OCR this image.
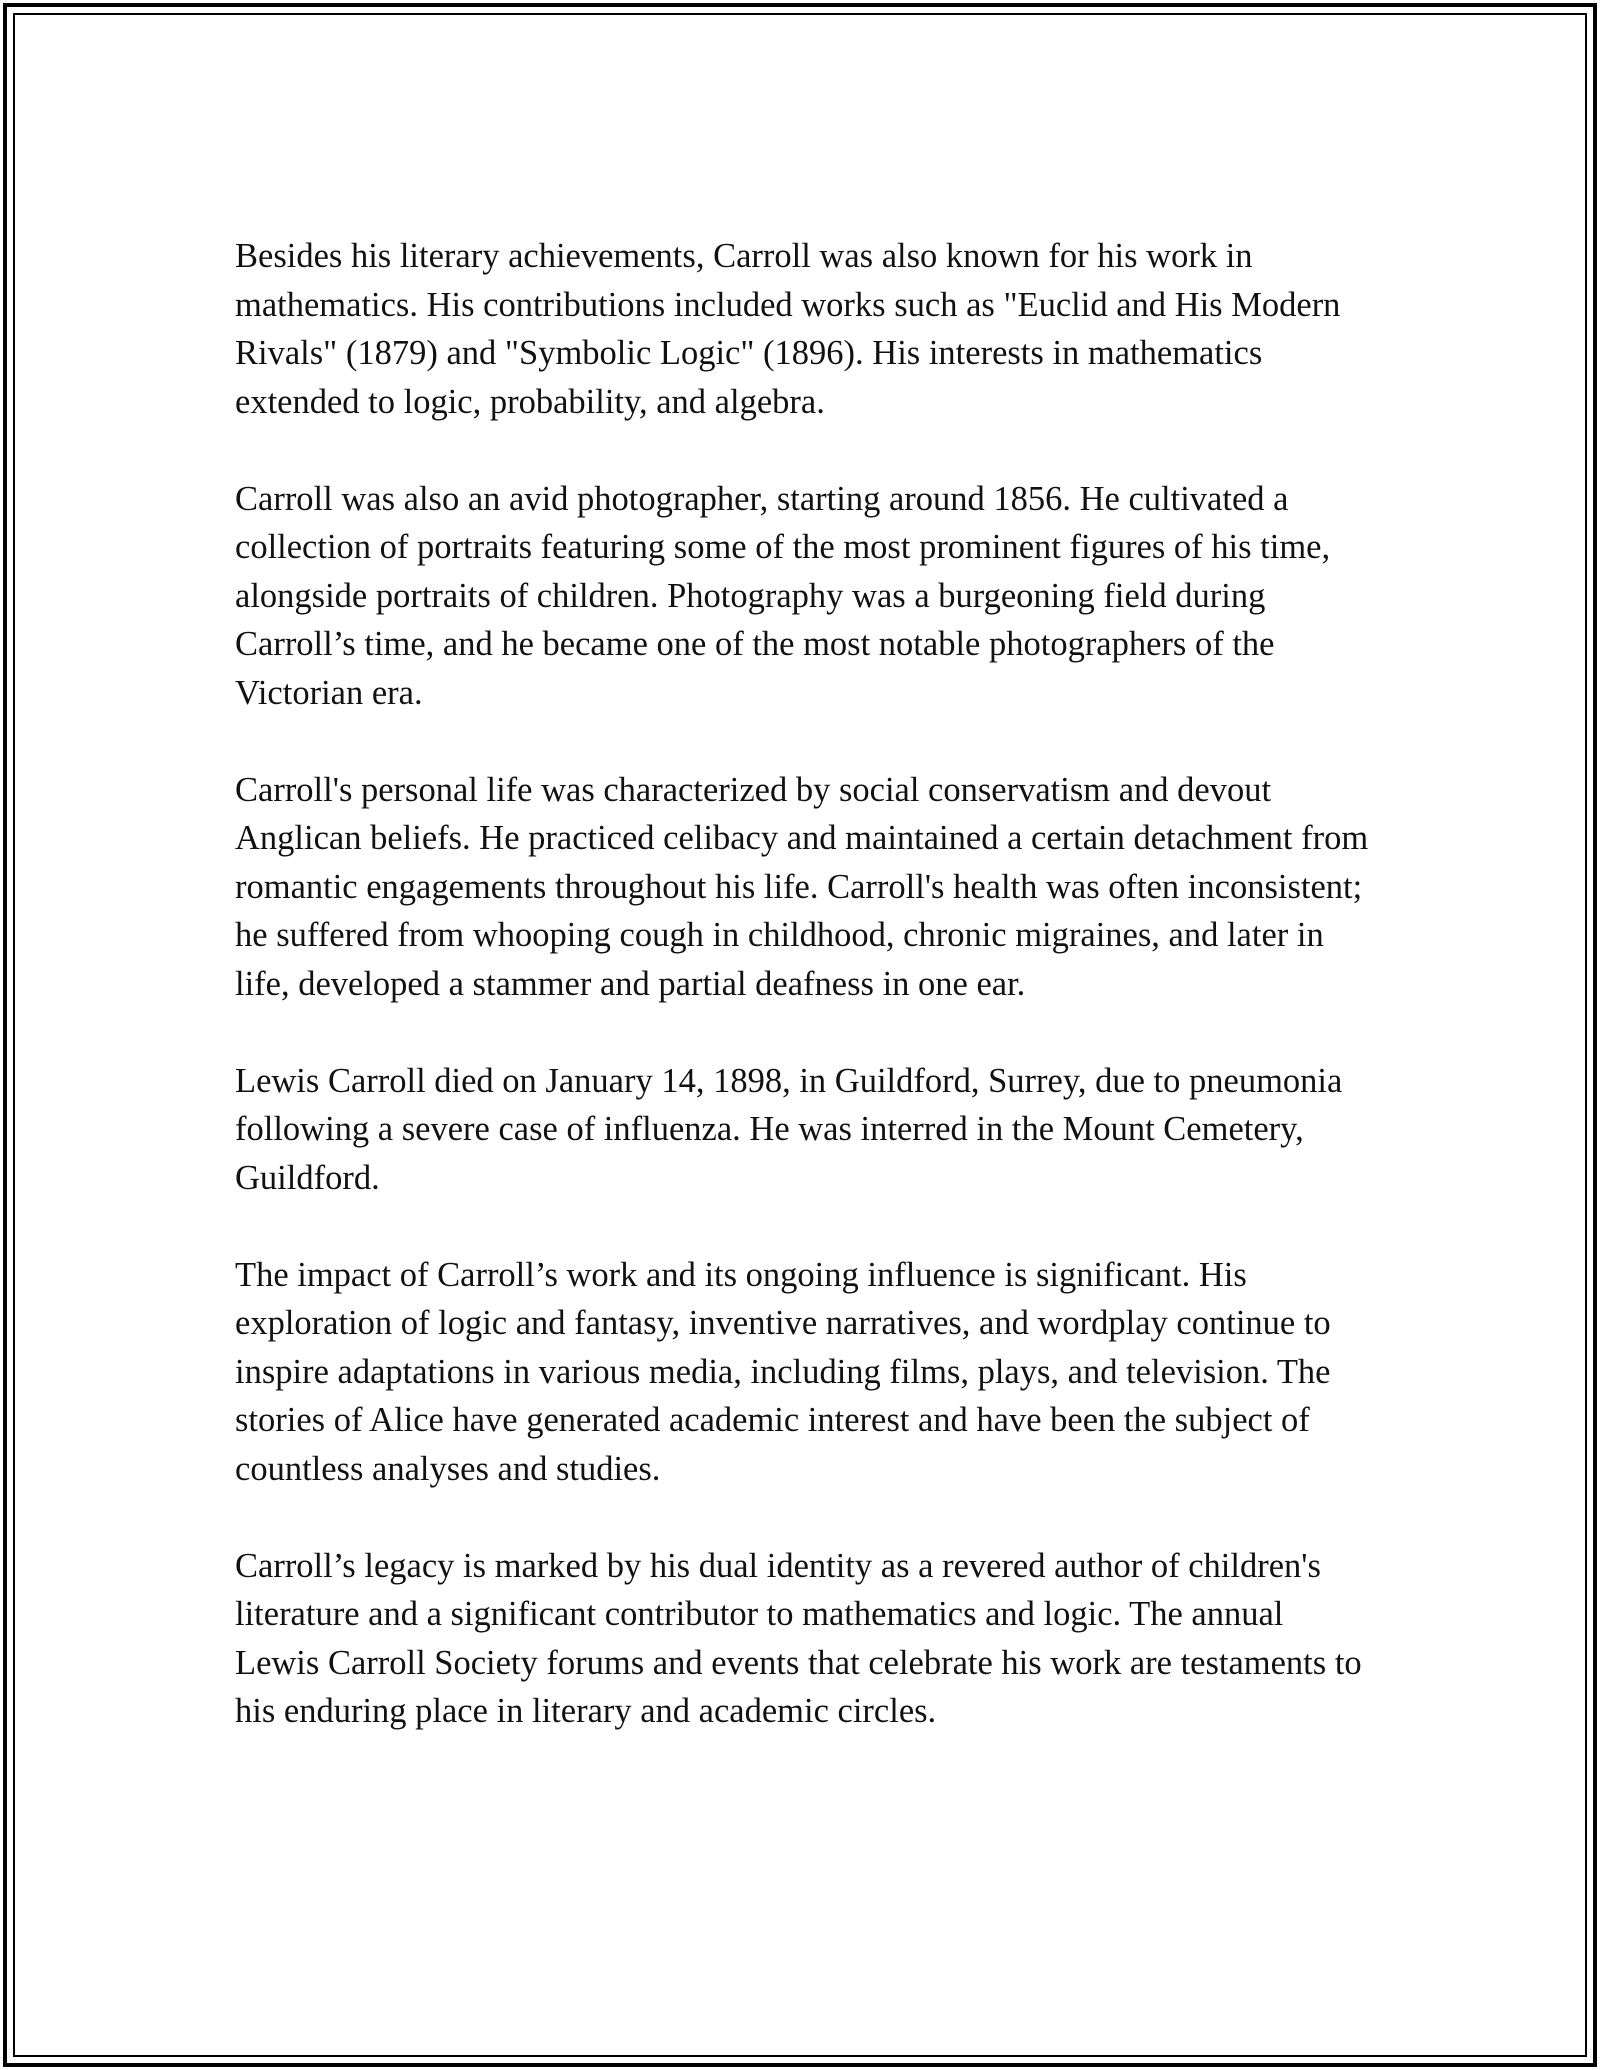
Besides his literary achievements, Carroll was also known for his work in mathematics. His contributions included works such as "Euclid and His Modern Rivals" (1879) and "Symbolic Logic" (1896). His interests in mathematics extended to logic, probability, and algebra.

Carroll was also an avid photographer, starting around 1856. He cultivated a collection of portraits featuring some of the most prominent figures of his time, alongside portraits of children. Photography was a burgeoning field during Carroll’s time, and he became one of the most notable photographers of the Victorian era.

Carroll's personal life was characterized by social conservatism and devout Anglican beliefs. He practiced celibacy and maintained a certain detachment from romantic engagements throughout his life. Carroll's health was often inconsistent; he suffered from whooping cough in childhood, chronic migraines, and later in life, developed a stammer and partial deafness in one ear.

Lewis Carroll died on January 14, 1898, in Guildford, Surrey, due to pneumonia following a severe case of influenza. He was interred in the Mount Cemetery, Guildford.

The impact of Carroll’s work and its ongoing influence is significant. His exploration of logic and fantasy, inventive narratives, and wordplay continue to inspire adaptations in various media, including films, plays, and television. The stories of Alice have generated academic interest and have been the subject of countless analyses and studies.

Carroll’s legacy is marked by his dual identity as a revered author of children's literature and a significant contributor to mathematics and logic. The annual Lewis Carroll Society forums and events that celebrate his work are testaments to his enduring place in literary and academic circles.
